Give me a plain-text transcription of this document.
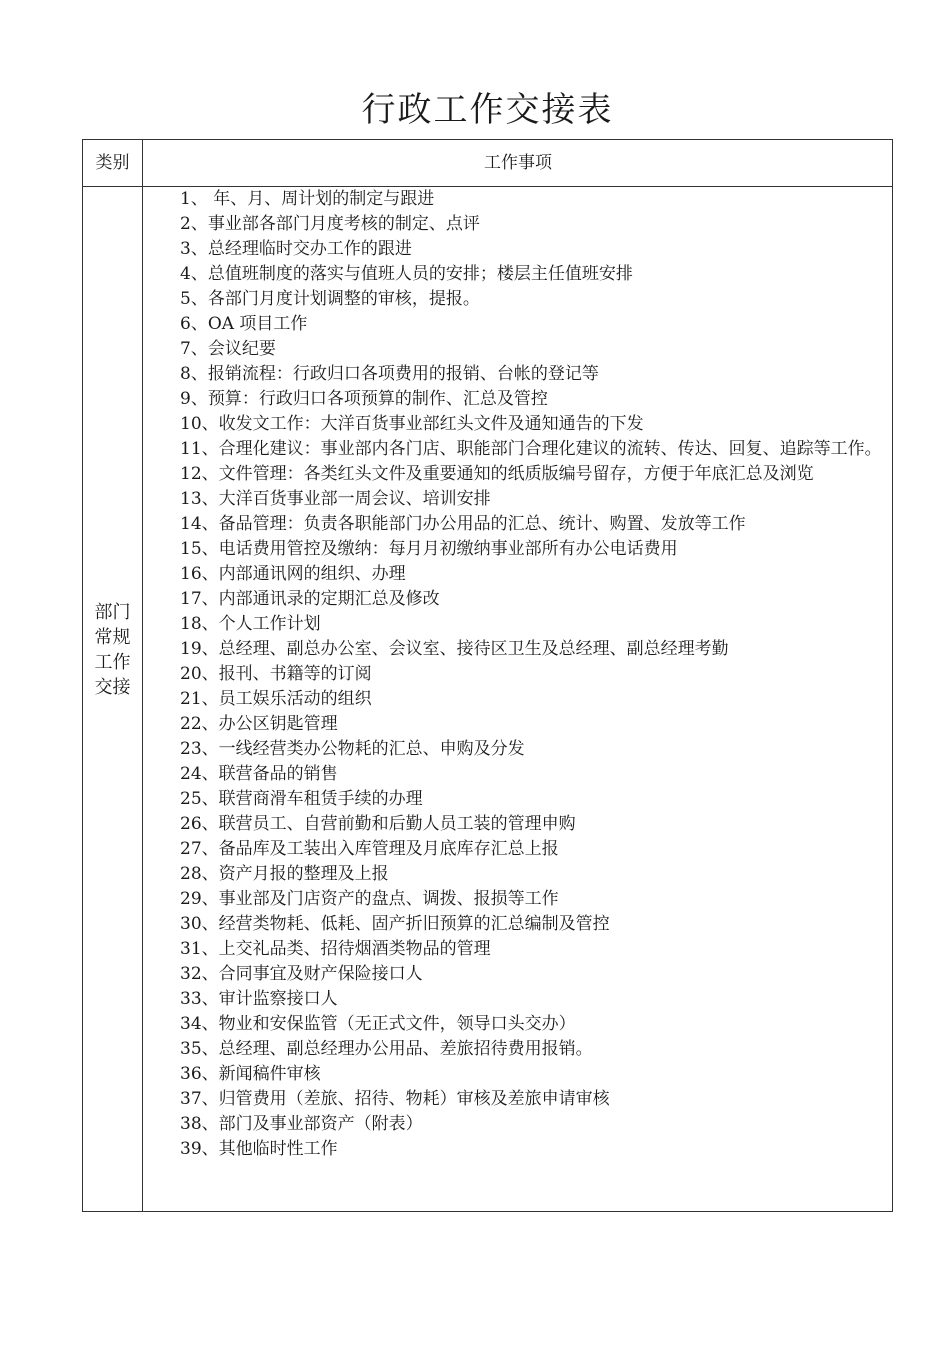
行政工作交接表
类别	工作事项
部门常规工作交接
1、 年、月、周计划的制定与跟进
2、事业部各部门月度考核的制定、点评
3、总经理临时交办工作的跟进
4、总值班制度的落实与值班人员的安排；楼层主任值班安排
5、各部门月度计划调整的审核，提报。
6、OA 项目工作
7、会议纪要
8、报销流程：行政归口各项费用的报销、台帐的登记等
9、预算：行政归口各项预算的制作、汇总及管控
10、收发文工作：大洋百货事业部红头文件及通知通告的下发
11、合理化建议：事业部内各门店、职能部门合理化建议的流转、传达、回复、追踪等工作。
12、文件管理：各类红头文件及重要通知的纸质版编号留存，方便于年底汇总及浏览
13、大洋百货事业部一周会议、培训安排
14、备品管理：负责各职能部门办公用品的汇总、统计、购置、发放等工作
15、电话费用管控及缴纳：每月月初缴纳事业部所有办公电话费用
16、内部通讯网的组织、办理
17、内部通讯录的定期汇总及修改
18、个人工作计划
19、总经理、副总办公室、会议室、接待区卫生及总经理、副总经理考勤
20、报刊、书籍等的订阅
21、员工娱乐活动的组织
22、办公区钥匙管理
23、一线经营类办公物耗的汇总、申购及分发
24、联营备品的销售
25、联营商滑车租赁手续的办理
26、联营员工、自营前勤和后勤人员工装的管理申购
27、备品库及工装出入库管理及月底库存汇总上报
28、资产月报的整理及上报
29、事业部及门店资产的盘点、调拨、报损等工作
30、经营类物耗、低耗、固产折旧预算的汇总编制及管控
31、上交礼品类、招待烟酒类物品的管理
32、合同事宜及财产保险接口人
33、审计监察接口人
34、物业和安保监管（无正式文件，领导口头交办）
35、总经理、副总经理办公用品、差旅招待费用报销。
36、新闻稿件审核
37、归管费用（差旅、招待、物耗）审核及差旅申请审核
38、部门及事业部资产（附表）
39、其他临时性工作
